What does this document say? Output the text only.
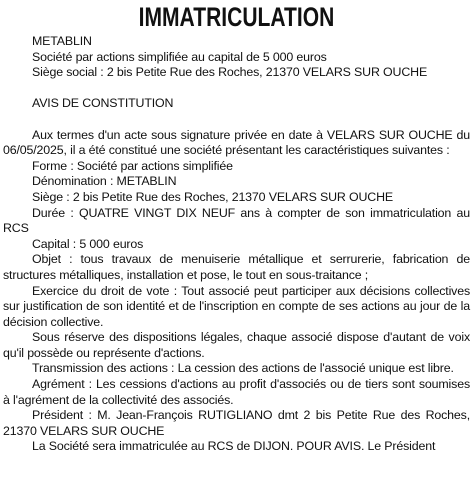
IMMATRICULATION

METABLIN

Société par actions simplifiée au capital de 5 000 euros

Siège social : 2 bis Petite Rue des Roches, 21370 VELARS SUR OUCHE

AVIS DE CONSTITUTION

Aux termes d'un acte sous signature privée en date à VELARS SUR OUCHE du 06/05/2025, il a été constitué une société présentant les caractéristiques suivantes :

Forme : Société par actions simplifiée

Dénomination : METABLIN

Siège : 2 bis Petite Rue des Roches, 21370 VELARS SUR OUCHE

Durée : QUATRE VINGT DIX NEUF ans à compter de son immatriculation au RCS

Capital : 5 000 euros

Objet : tous travaux de menuiserie métallique et serrurerie, fabrication de structures métalliques, installation et pose, le tout en sous-traitance ;

Exercice du droit de vote : Tout associé peut participer aux décisions collectives sur justification de son identité et de l'inscription en compte de ses actions au jour de la décision collective.

Sous réserve des dispositions légales, chaque associé dispose d'autant de voix qu'il possède ou représente d'actions.

Transmission des actions : La cession des actions de l'associé unique est libre.

Agrément : Les cessions d'actions au profit d'associés ou de tiers sont soumises à l'agrément de la collectivité des associés.

Président : M. Jean-François RUTIGLIANO dmt 2 bis Petite Rue des Roches, 21370 VELARS SUR OUCHE

La Société sera immatriculée au RCS de DIJON. POUR AVIS. Le Président
